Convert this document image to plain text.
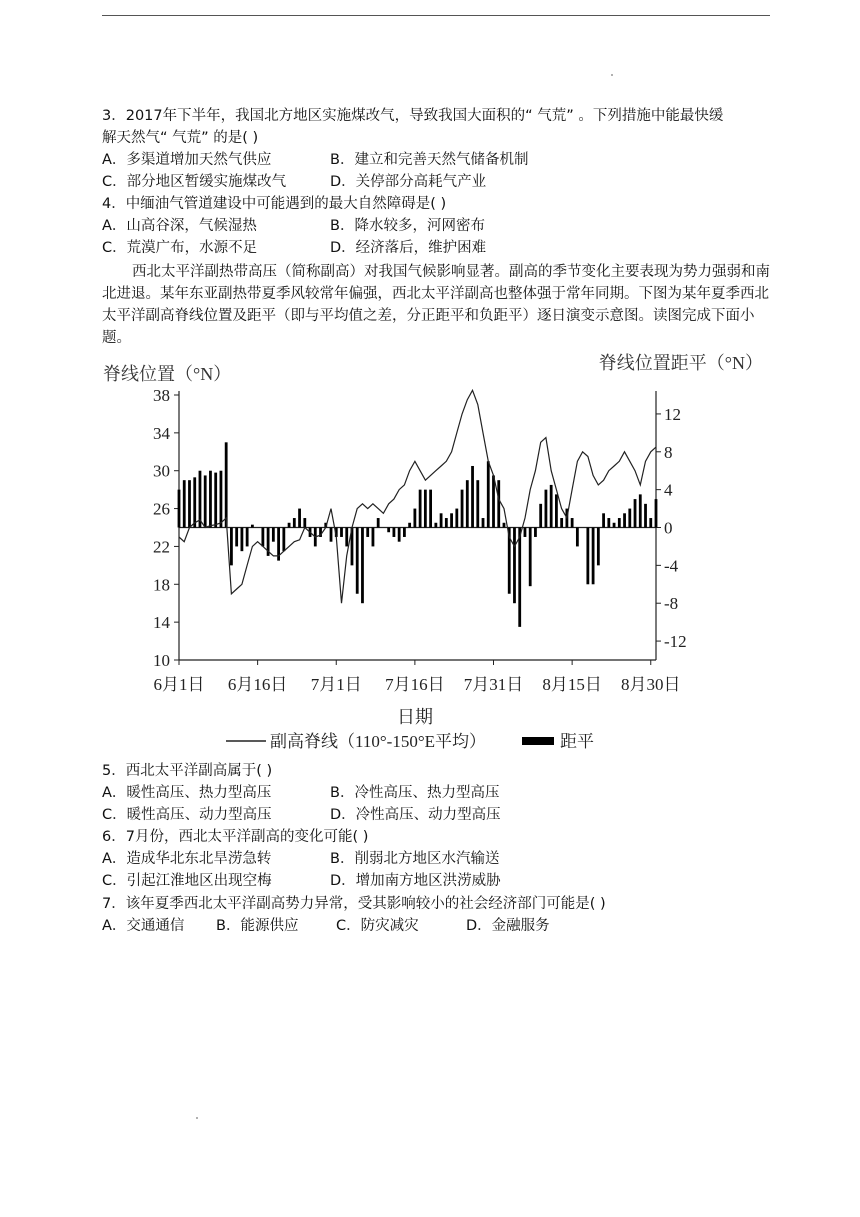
3．2017年下半年，我国北方地区实施煤改气，导致我国大面积的“ 气荒” 。下列措施中能最快缓
解天然气“ 气荒” 的是( )
A．多渠道增加天然气供应	B．建立和完善天然气储备机制
C．部分地区暂缓实施煤改气	D．关停部分高耗气产业
4．中缅油气管道建设中可能遇到的最大自然障碍是( )
A．山高谷深，气候湿热	B．降水较多，河网密布
C．荒漠广布，水源不足	D．经济落后，维护困难
西北太平洋副热带高压（简称副高）对我国气候影响显著。副高的季节变化主要表现为势力强弱和南北进退。某年东亚副热带夏季风较常年偏强，西北太平洋副高也整体强于常年同期。下图为某年夏季西北太平洋副高脊线位置及距平（即与平均值之差，分正距平和负距平）逐日演变示意图。读图完成下面小题。
脊线位置（°N）
脊线位置距平（°N）
日期
38
34
30
26
22
18
14
10
12
8
4
0
-4
-8
-12
6月1日 6月16日 7月1日 7月16日 7月31日 8月15日 8月30日
副高脊线（110°-150°E平均）	距平
5．西北太平洋副高属于( )
A．暖性高压、热力型高压	B．冷性高压、热力型高压
C．暖性高压、动力型高压	D．冷性高压、动力型高压
6．7月份，西北太平洋副高的变化可能( )
A．造成华北东北旱涝急转	B．削弱北方地区水汽输送
C．引起江淮地区出现空梅	D．增加南方地区洪涝威胁
7．该年夏季西北太平洋副高势力异常，受其影响较小的社会经济部门可能是( )
A．交通通信 B．能源供应	C．防灾减灾	D．金融服务
